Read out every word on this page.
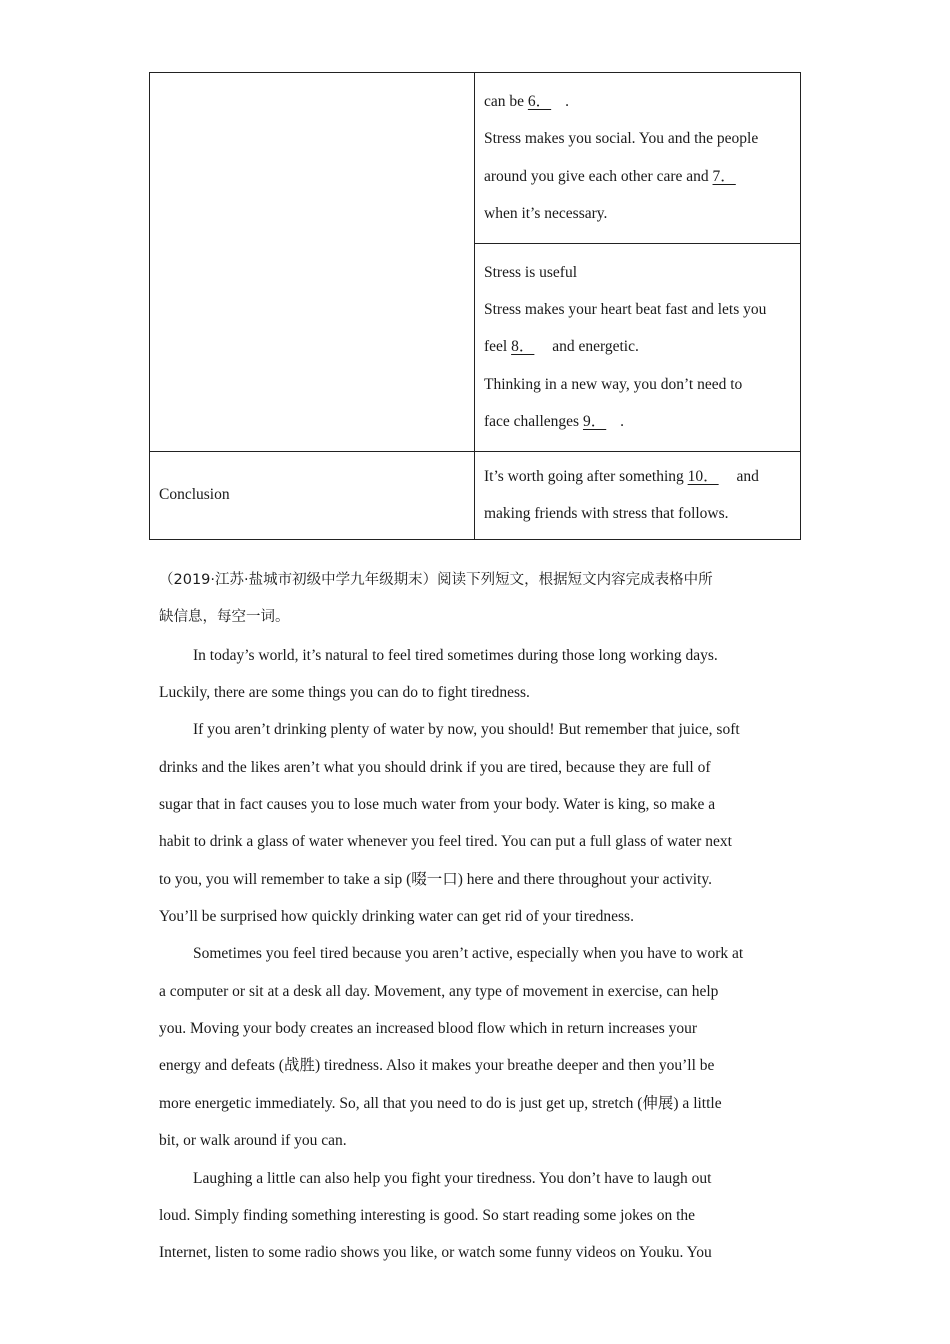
	can be 6． .
Stress makes you social. You and the people
around you give each other care and 7．
when it’s necessary.

	Stress is useful
Stress makes your heart beat fast and lets you
feel 8． and energetic.
Thinking in a new way, you don’t need to
face challenges 9． .

Conclusion	It’s worth going after something 10． and
making friends with stress that follows.
（2019·江苏·盐城市初级中学九年级期末）阅读下列短文，根据短文内容完成表格中所
缺信息，每空一词。
In today’s world, it’s natural to feel tired sometimes during those long working days.
Luckily, there are some things you can do to fight tiredness.
If you aren’t drinking plenty of water by now, you should! But remember that juice, soft
drinks and the likes aren’t what you should drink if you are tired, because they are full of
sugar that in fact causes you to lose much water from your body. Water is king, so make a
habit to drink a glass of water whenever you feel tired. You can put a full glass of water next
to you, you will remember to take a sip (啜一口) here and there throughout your activity.
You’ll be surprised how quickly drinking water can get rid of your tiredness.
Sometimes you feel tired because you aren’t active, especially when you have to work at
a computer or sit at a desk all day. Movement, any type of movement in exercise, can help
you. Moving your body creates an increased blood flow which in return increases your
energy and defeats (战胜) tiredness. Also it makes your breathe deeper and then you’ll be
more energetic immediately. So, all that you need to do is just get up, stretch (伸展) a little
bit, or walk around if you can.
Laughing a little can also help you fight your tiredness. You don’t have to laugh out
loud. Simply finding something interesting is good. So start reading some jokes on the
Internet, listen to some radio shows you like, or watch some funny videos on Youku. You
